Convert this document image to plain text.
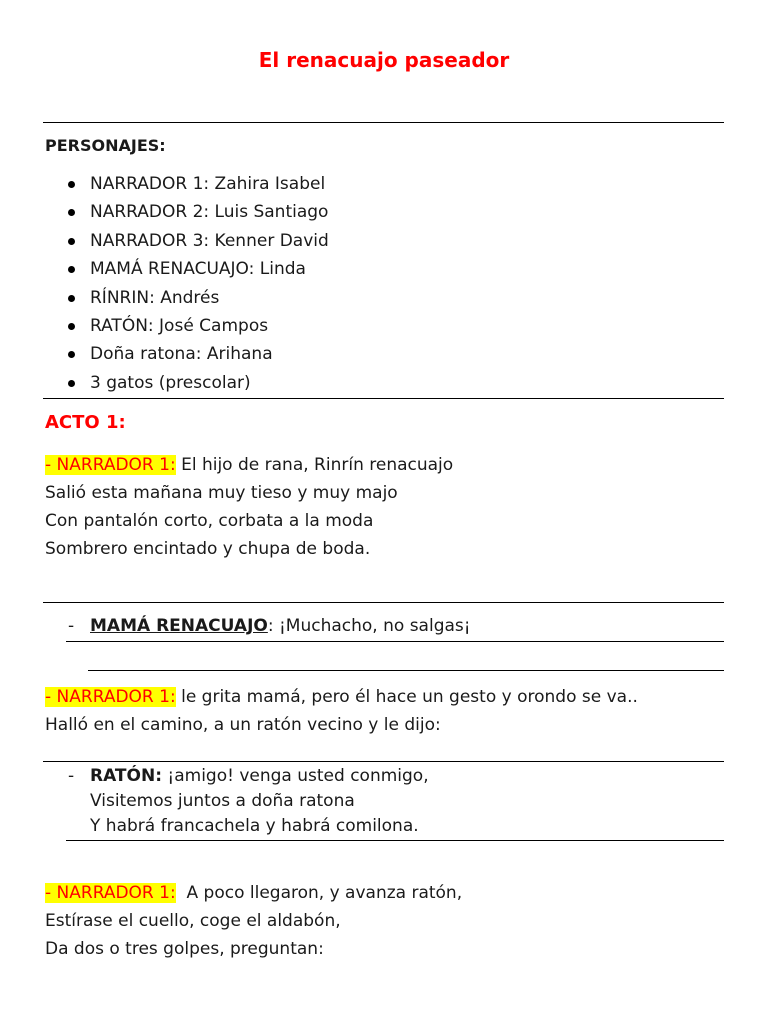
El renacuajo paseador
PERSONAJES:
NARRADOR 1: Zahira Isabel
NARRADOR 2: Luis Santiago
NARRADOR 3: Kenner David
MAMÁ RENACUAJO: Linda
RÍNRIN: Andrés
RATÓN: José Campos
Doña ratona: Arihana
3 gatos (prescolar)
ACTO 1:
- NARRADOR 1: El hijo de rana, Rinrín renacuajo
Salió esta mañana muy tieso y muy majo
Con pantalón corto, corbata a la moda
Sombrero encintado y chupa de boda.
- MAMÁ RENACUAJO: ¡Muchacho, no salgas¡
- NARRADOR 1: le grita mamá, pero él hace un gesto y orondo se va..
Halló en el camino, a un ratón vecino y le dijo:
- RATÓN: ¡amigo! venga usted conmigo,
Visitemos juntos a doña ratona
Y habrá francachela y habrá comilona.
- NARRADOR 1:  A poco llegaron, y avanza ratón,
Estírase el cuello, coge el aldabón,
Da dos o tres golpes, preguntan:
